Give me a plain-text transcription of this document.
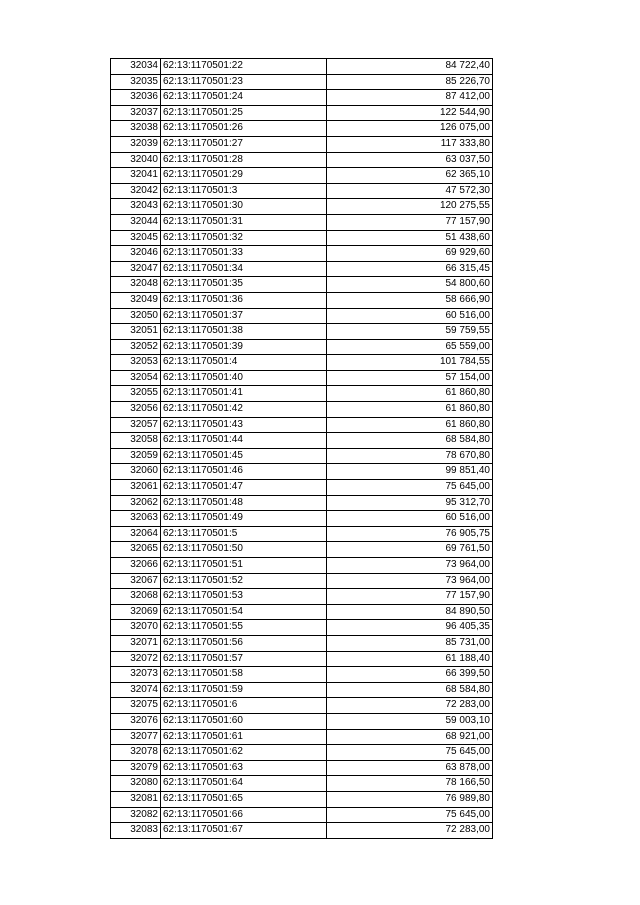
32034	62:13:1170501:22	84 722,40
32035	62:13:1170501:23	85 226,70
32036	62:13:1170501:24	87 412,00
32037	62:13:1170501:25	122 544,90
32038	62:13:1170501:26	126 075,00
32039	62:13:1170501:27	117 333,80
32040	62:13:1170501:28	63 037,50
32041	62:13:1170501:29	62 365,10
32042	62:13:1170501:3	47 572,30
32043	62:13:1170501:30	120 275,55
32044	62:13:1170501:31	77 157,90
32045	62:13:1170501:32	51 438,60
32046	62:13:1170501:33	69 929,60
32047	62:13:1170501:34	66 315,45
32048	62:13:1170501:35	54 800,60
32049	62:13:1170501:36	58 666,90
32050	62:13:1170501:37	60 516,00
32051	62:13:1170501:38	59 759,55
32052	62:13:1170501:39	65 559,00
32053	62:13:1170501:4	101 784,55
32054	62:13:1170501:40	57 154,00
32055	62:13:1170501:41	61 860,80
32056	62:13:1170501:42	61 860,80
32057	62:13:1170501:43	61 860,80
32058	62:13:1170501:44	68 584,80
32059	62:13:1170501:45	78 670,80
32060	62:13:1170501:46	99 851,40
32061	62:13:1170501:47	75 645,00
32062	62:13:1170501:48	95 312,70
32063	62:13:1170501:49	60 516,00
32064	62:13:1170501:5	76 905,75
32065	62:13:1170501:50	69 761,50
32066	62:13:1170501:51	73 964,00
32067	62:13:1170501:52	73 964,00
32068	62:13:1170501:53	77 157,90
32069	62:13:1170501:54	84 890,50
32070	62:13:1170501:55	96 405,35
32071	62:13:1170501:56	85 731,00
32072	62:13:1170501:57	61 188,40
32073	62:13:1170501:58	66 399,50
32074	62:13:1170501:59	68 584,80
32075	62:13:1170501:6	72 283,00
32076	62:13:1170501:60	59 003,10
32077	62:13:1170501:61	68 921,00
32078	62:13:1170501:62	75 645,00
32079	62:13:1170501:63	63 878,00
32080	62:13:1170501:64	78 166,50
32081	62:13:1170501:65	76 989,80
32082	62:13:1170501:66	75 645,00
32083	62:13:1170501:67	72 283,00
